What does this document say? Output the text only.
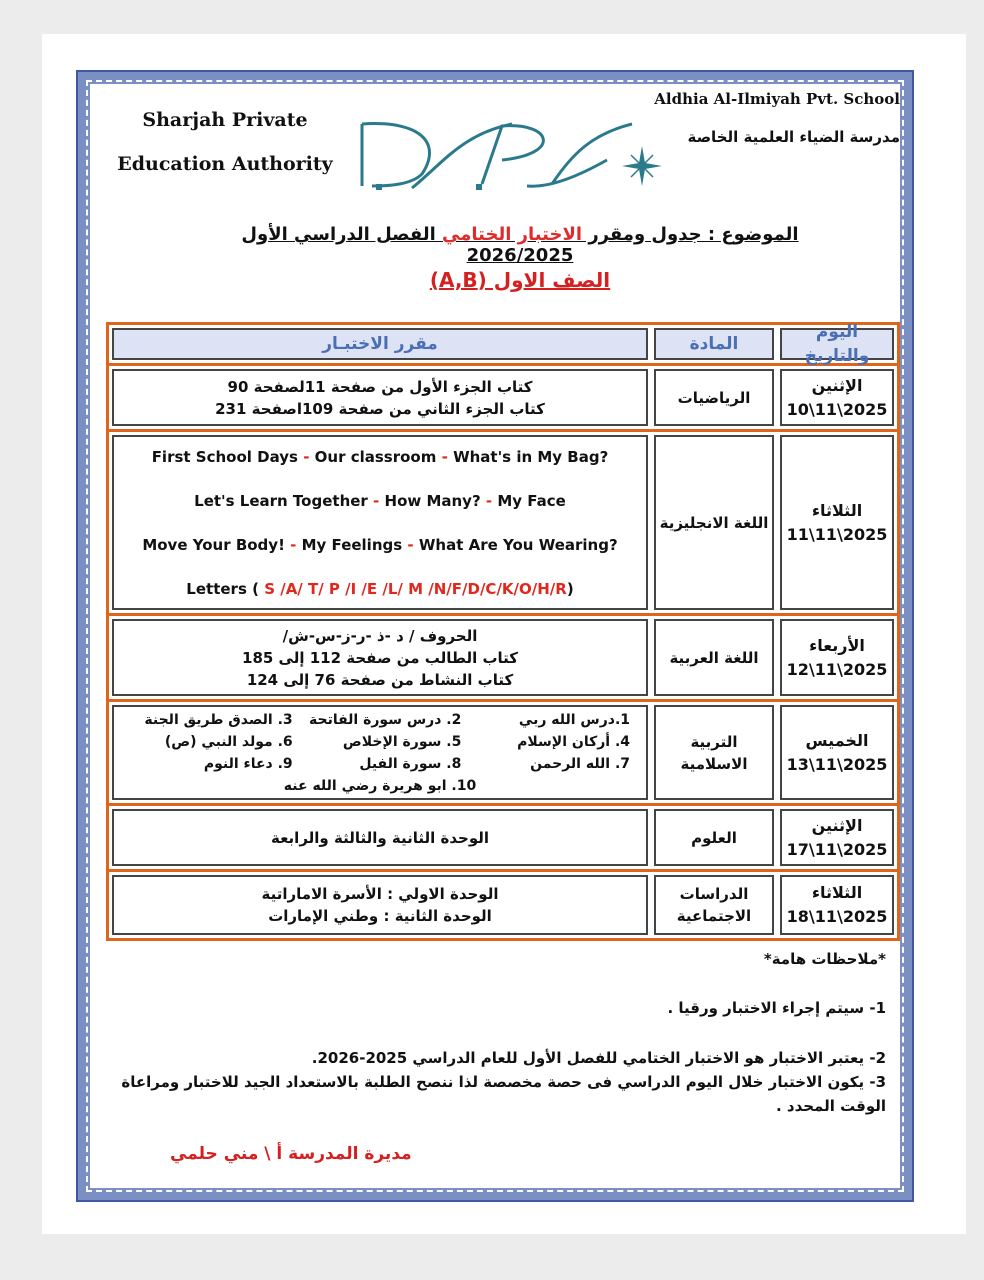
Sharjah Private
Education Authority
Aldhia Al-Ilmiyah Pvt. School
مدرسة الضياء العلمية الخاصة
الموضوع : جدول ومقرر الاختبار الختامي الفصل الدراسي الأول 2026/2025
الصف الاول (A,B)
اليوم والتاريخ
المادة
مقرر الاختبـار
الإثنين
10\11\2025
الرياضيات
كتاب الجزء الأول من صفحة 11لصفحة 90
كتاب الجزء الثاني من صفحة 109اصفحة 231
الثلاثاء
11\11\2025
اللغة الانجليزية
First School Days - Our classroom - What's in My Bag?
Let's Learn Together - How Many? - My Face
Move Your Body! - My Feelings - What Are You Wearing?
Letters ( S /A/ T/ P /I /E /L/ M /N/F/D/C/K/O/H/R)
الأربعاء
12\11\2025
اللغة العربية
الحروف / د -ذ -ر-ز-س-ش/
كتاب الطالب من صفحة 112 إلى 185
كتاب النشاط من صفحة 76 إلى 124
الخميس
13\11\2025
التربية
الاسلامية
1.درس الله ربي
2. درس سورة الفاتحة
3. الصدق طريق الجنة
4. أركان الإسلام
5. سورة الإخلاص
6. مولد النبي (ص)
7. الله الرحمن
8. سورة الفيل
9. دعاء النوم
10. ابو هريرة رضي الله عنه
الإثنين
17\11\2025
العلوم
الوحدة الثانية والثالثة والرابعة
الثلاثاء
18\11\2025
الدراسات
الاجتماعية
الوحدة الاولي : الأسرة الاماراتية
الوحدة الثانية : وطني الإمارات
*ملاحظات هامة*

1- سيتم إجراء الاختبار ورقيا .

2- يعتبر الاختبار هو الاختبار الختامي للفصل الأول للعام الدراسي 2025-2026.

3- يكون الاختبار خلال اليوم الدراسي فى حصة مخصصة لذا ننصح الطلبة بالاستعداد الجيد للاختبار ومراعاة الوقت المحدد .

مديرة المدرسة أ \ مني حلمي
